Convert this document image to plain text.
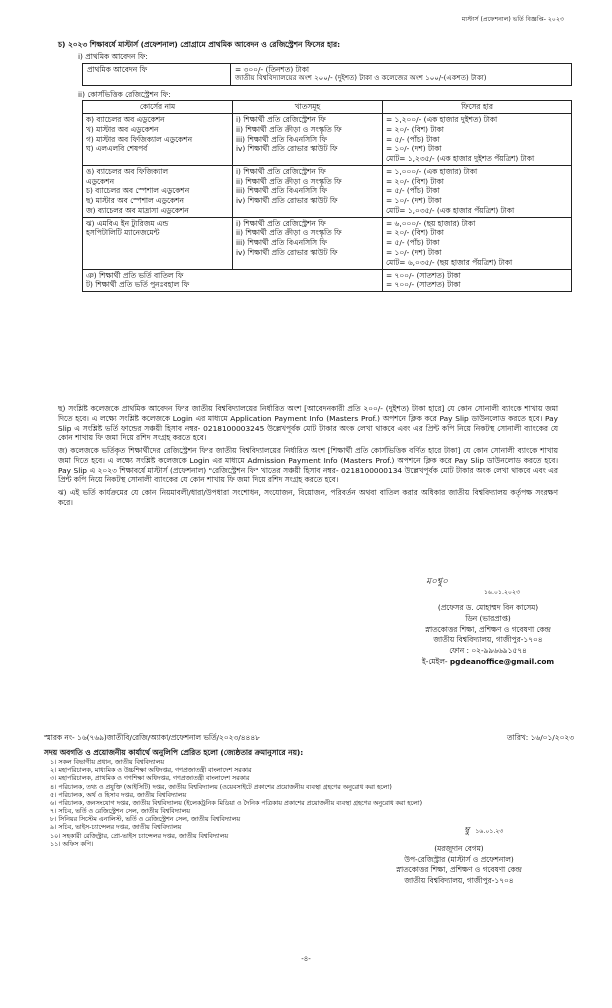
মাস্টার্স (প্রফেশনাল) ভর্তি বিজ্ঞপ্তি- ২০২৩
চ) ২০২৩ শিক্ষাবর্ষে মাস্টার্স (প্রফেশনাল) প্রোগ্রামে প্রাথমিক আবেদন ও রেজিস্ট্রেশন ফিসের হার:
i) প্রাথমিক আবেদন ফি:
প্রাথমিক আবেদন ফি	= ৩০০/- (তিনশত) টাকা
জাতীয় বিশ্ববিদ্যালয়ের অংশ ২০০/- (দুইশত) টাকা ও কলেজের অংশ ১০০/-(একশত) টাকা)
ii) কোর্সভিত্তিক রেজিস্ট্রেশন ফি:
কোর্সের নাম	খাতসমূহ	ফিসের হার

ক) ব্যাচেলর অব এডুকেশন
খ) মাস্টার অব এডুকেশন
গ) মাস্টার অব ফিজিক্যাল এডুকেশন
ঘ) এলএলবি শেষপর্ব	i) শিক্ষার্থী প্রতি রেজিস্ট্রেশন ফি
ii) শিক্ষার্থী প্রতি ক্রীড়া ও সংস্কৃতি ফি
iii) শিক্ষার্থী প্রতি বিএনসিসি ফি
iv) শিক্ষার্থী প্রতি রোভার স্কাউট ফি	= ১,২০০/- (এক হাজার দুইশত) টাকা
= ২০/- (বিশ) টাকা
= ৫/- (পাঁচ) টাকা
= ১০/- (দশ) টাকা
মোট= ১,২৩৫/- (এক হাজার দুইশত পঁয়ত্রিশ) টাকা

ঙ) ব্যাচেলর অব ফিজিক্যাল
এডুকেশন
চ) ব্যাচেলর অব স্পেশাল এডুকেশন
ছ) মাস্টার অব স্পেশাল এডুকেশন
জ) ব্যাচেলর অব মাদ্রাসা এডুকেশন	i) শিক্ষার্থী প্রতি রেজিস্ট্রেশন ফি
ii) শিক্ষার্থী প্রতি ক্রীড়া ও সংস্কৃতি ফি
iii) শিক্ষার্থী প্রতি বিএনসিসি ফি
iv) শিক্ষার্থী প্রতি রোভার স্কাউট ফি	= ১,০০০/- (এক হাজার) টাকা
= ২০/- (বিশ) টাকা
= ৫/- (পাঁচ) টাকা
= ১০/- (দশ) টাকা
মোট= ১,০৩৫/- (এক হাজার পঁয়ত্রিশ) টাকা

ঝ) এমবিএ ইন ট্যুরিজম এন্ড
হসপিটালিটি ম্যানেজমেন্ট	i) শিক্ষার্থী প্রতি রেজিস্ট্রেশন ফি
ii) শিক্ষার্থী প্রতি ক্রীড়া ও সংস্কৃতি ফি
iii) শিক্ষার্থী প্রতি বিএনসিসি ফি
iv) শিক্ষার্থী প্রতি রোভার স্কাউট ফি	= ৬,০০০/- (ছয় হাজার) টাকা
= ২০/- (বিশ) টাকা
= ৫/- (পাঁচ) টাকা
= ১০/- (দশ) টাকা
মোট= ৬,০৩৫/- (ছয় হাজার পঁয়ত্রিশ) টাকা

ঞ) শিক্ষার্থী প্রতি ভর্তি বাতিল ফি
ট) শিক্ষার্থী প্রতি ভর্তি পুনঃবহাল ফি		= ৭০০/- (সাতশত) টাকা
= ৭০০/- (সাতশত) টাকা

ছ) সংশ্লিষ্ট কলেজকে প্রাথমিক আবেদন ফি'র জাতীয় বিশ্ববিদ্যালয়ের নির্ধারিত অংশ [আবেদনকারী প্রতি ২০০/- (দুইশত) টাকা হারে] যে কোন সোনালী ব্যাংকে শাখায় জমা দিতে হবে। এ লক্ষ্যে সংশ্লিষ্ট কলেজকে Login এর মাধ্যমে Application Payment Info (Masters Prof.) অপশনে ক্লিক করে Pay Slip ডাউনলোড করতে হবে। Pay Slip এ সংশ্লিষ্ট ভর্তি ফান্ডের সঞ্চয়ী হিসাব নম্বর- 0218100003245 উল্লেখপূর্বক মোট টাকার অংক লেখা থাকবে এবং এর প্রিন্ট কপি নিয়ে নিকটস্থ সোনালী ব্যাংকের যে কোন শাখায় ফি জমা দিয়ে রশিদ সংগ্রহ করতে হবে।

জ) কলেজকে ভর্তিকৃত শিক্ষার্থীদের রেজিস্ট্রেশন ফি'র জাতীয় বিশ্ববিদ্যালয়ের নির্ধারিত অংশ [শিক্ষার্থী প্রতি কোর্সভিত্তিক বর্ণিত হারে টাকা] যে কোন সোনালী ব্যাংকে শাখায় জমা দিতে হবে। এ লক্ষ্যে সংশ্লিষ্ট কলেজকে Login এর মাধ্যমে Admission Payment Info (Masters Prof.) অপশনে ক্লিক করে Pay Slip ডাউনলোড করতে হবে। Pay Slip এ ২০২৩ শিক্ষাবর্ষে মাস্টার্স (প্রফেশনাল) "রেজিস্ট্রেশন ফি" খাতের সঞ্চয়ী হিসাব নম্বর- 0218100000134 উল্লেখপূর্বক মোট টাকার অংক লেখা থাকবে এবং এর প্রিন্ট কপি নিয়ে নিকটস্থ সোনালী ব্যাংকের যে কোন শাখায় ফি জমা দিয়ে রশিদ সংগ্রহ করতে হবে।

ঝ) এই ভর্তি কার্যক্রমের যে কোন নিয়মাবলী/ধারা/উপধারা সংশোধন, সংযোজন, বিয়োজন, পরিবর্তন অথবা বাতিল করার অধিকার জাতীয় বিশ্ববিদ্যালয় কর্তৃপক্ষ সংরক্ষণ করে।

ম০শ্বু০
১৬.০১.২০২৩
(প্রফেসর ড. মোহাম্মদ বিন কাসেম)
ডিন (ভারপ্রাপ্ত)
স্নাতকোত্তর শিক্ষা, প্রশিক্ষণ ও গবেষণা কেন্দ্র
জাতীয় বিশ্ববিদ্যালয়, গাজীপুর-১৭০৪
ফোন : ০২-৯৯৬৬৯১৫৭৪
ই-মেইল- pgdeanoffice@gmail.com
স্মারক নং- ১৬(৭৬৯)জাতীবি/রেজি/অ্যাকা/প্রফেশনাল ভর্তি/২০২৩/৪৪৪৮	তারিখ: ১৬/০১/২০২৩
সদয় অবগতি ও প্রয়োজনীয় কার্যার্থে অনুলিপি প্রেরিত হলো (জ্যেষ্ঠতার ক্রমানুসারে নয়):
১। সকল বিভাগীয় প্রধান, জাতীয় বিশ্ববিদ্যালয়
২। মহাপরিচালক, মাধ্যমিক ও উচ্চশিক্ষা অধিদপ্তর, গণপ্রজাতন্ত্রী বাংলাদেশ সরকার
৩। মহাপরিচালক, প্রাথমিক ও গণশিক্ষা অধিদপ্তর, গণপ্রজাতন্ত্রী বাংলাদেশ সরকার
৪। পরিচালক, তথ্য ও প্রযুক্তি (আইসিটি) দপ্তর, জাতীয় বিশ্ববিদ্যালয় (ওয়েবসাইটে প্রকাশের প্রয়োজনীয় ব্যবস্থা গ্রহণের অনুরোধ করা হলো)
৫। পরিচালক, অর্থ ও হিসাব দপ্তর, জাতীয় বিশ্ববিদ্যালয়
৬। পরিচালক, জনসংযোগ দপ্তর, জাতীয় বিশ্ববিদ্যালয় (ইলেকট্রনিক মিডিয়া ও দৈনিক পত্রিকায় প্রকাশের প্রয়োজনীয় ব্যবস্থা গ্রহণের অনুরোধ করা হলো)
৭। সচিব, ভর্তি ও রেজিস্ট্রেশন সেল, জাতীয় বিশ্ববিদ্যালয়
৮। সিনিয়র সিস্টেম এনালিস্ট, ভর্তি ও রেজিস্ট্রেশন সেল, জাতীয় বিশ্ববিদ্যালয়
৯। সচিব, ভাইস-চ্যান্সেলর দপ্তর, জাতীয় বিশ্ববিদ্যালয়
১০। সহকারী রেজিস্ট্রার, প্রো-ভাইস চ্যান্সেলর দপ্তর, জাতীয় বিশ্ববিদ্যালয়
১১। অফিস কপি।
ম্বু ১৬.০১.২৩
(মরজুদান বেগম)
উপ-রেজিস্ট্রার (মাস্টার্স ও প্রফেশনাল)
স্নাতকোত্তর শিক্ষা, প্রশিক্ষণ ও গবেষণা কেন্দ্র
জাতীয় বিশ্ববিদ্যালয়, গাজীপুর-১৭০৪
-৪-
